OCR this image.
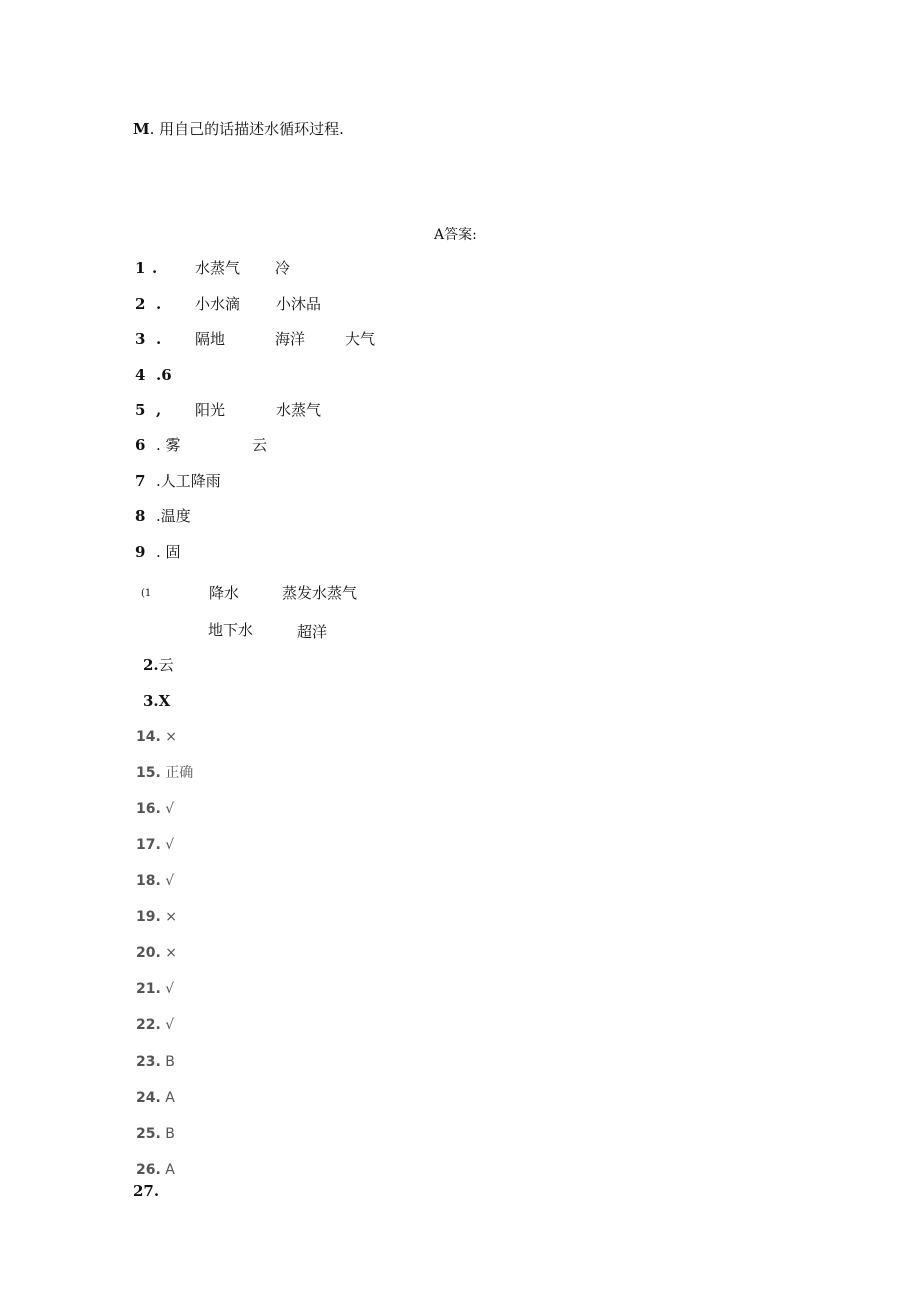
M. 用自己的话描述水循环过程.
A答案:
1 .	水蒸气 冷
2 . 小水滴 小沐品
3 . 隔地	海洋	大气
4 .6
5 , 阳光	水蒸气
6 . 雾	云
7 .人工降雨
8 .温度
9 . 固
(1	降水	蒸发水蒸气
地下水	超洋
2.云
3.X
14. ×
15. 正确
16. √
17. √
18. √
19. ×
20. ×
21. √
22. √
23. B
24. A
25. B
26. A
27.
